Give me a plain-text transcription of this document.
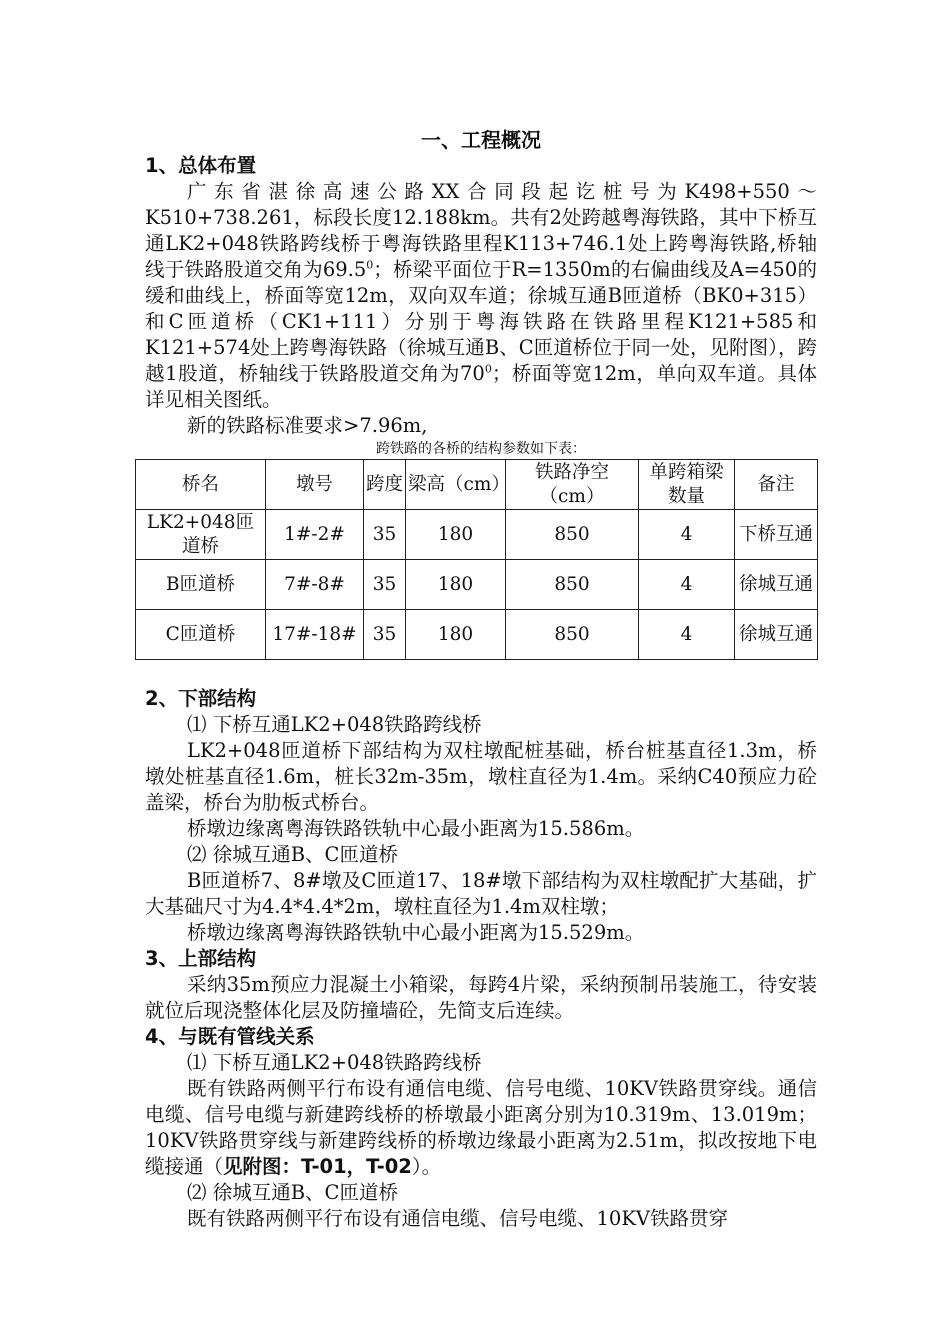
一、工程概况
1、总体布置

广东省湛徐高速公路XX合同段起讫桩号为K498+550～K510+738.261，标段长度12.188km。共有2处跨越粤海铁路，其中下桥互通LK2+048铁路跨线桥于粤海铁路里程K113+746.1处上跨粤海铁路,桥轴线于铁路股道交角为69.5$^0$；桥梁平面位于R=1350m的右偏曲线及A=450的缓和曲线上，桥面等宽12m，双向双车道；徐城互通B匝道桥（BK0+315）和C匝道桥（CK1+111）分别于粤海铁路在铁路里程K121+585和K121+574处上跨粤海铁路（徐城互通B、C匝道桥位于同一处，见附图），跨越1股道，桥轴线于铁路股道交角为$70^0$；桥面等宽12m，单向双车道。具体详见相关图纸。

新的铁路标准要求>7.96m,
跨铁路的各桥的结构参数如下表：
桥名	墩号	跨度	梁高（cm）	铁路净空（cm）	单跨箱梁数量	备注
LK2+048匝道桥	1#-2#	35	180	850	4	下桥互通
B匝道桥	7#-8#	35	180	850	4	徐城互通
C匝道桥	17#-18#	35	180	850	4	徐城互通
2、下部结构
⑴ 下桥互通LK2+048铁路跨线桥

LK2+048匝道桥下部结构为双柱墩配桩基础，桥台桩基直径1.3m，桥墩处桩基直径1.6m，桩长32m-35m，墩柱直径为1.4m。采纳C40预应力砼盖梁，桥台为肋板式桥台。

桥墩边缘离粤海铁路铁轨中心最小距离为15.586m。
⑵ 徐城互通B、C匝道桥

B匝道桥7、8#墩及C匝道17、18#墩下部结构为双柱墩配扩大基础，扩大基础尺寸为4.4*4.4*2m，墩柱直径为1.4m双柱墩；

桥墩边缘离粤海铁路铁轨中心最小距离为15.529m。
3、上部结构

采纳35m预应力混凝土小箱梁，每跨4片梁，采纳预制吊装施工，待安装就位后现浇整体化层及防撞墙砼，先简支后连续。

4、与既有管线关系
⑴ 下桥互通LK2+048铁路跨线桥

既有铁路两侧平行布设有通信电缆、信号电缆、10KV铁路贯穿线。通信电缆、信号电缆与新建跨线桥的桥墩最小距离分别为10.319m、13.019m；10KV铁路贯穿线与新建跨线桥的桥墩边缘最小距离为2.51m，拟改按地下电缆接通（见附图：T-01，T-02）。

⑵ 徐城互通B、C匝道桥
既有铁路两侧平行布设有通信电缆、信号电缆、10KV铁路贯穿
